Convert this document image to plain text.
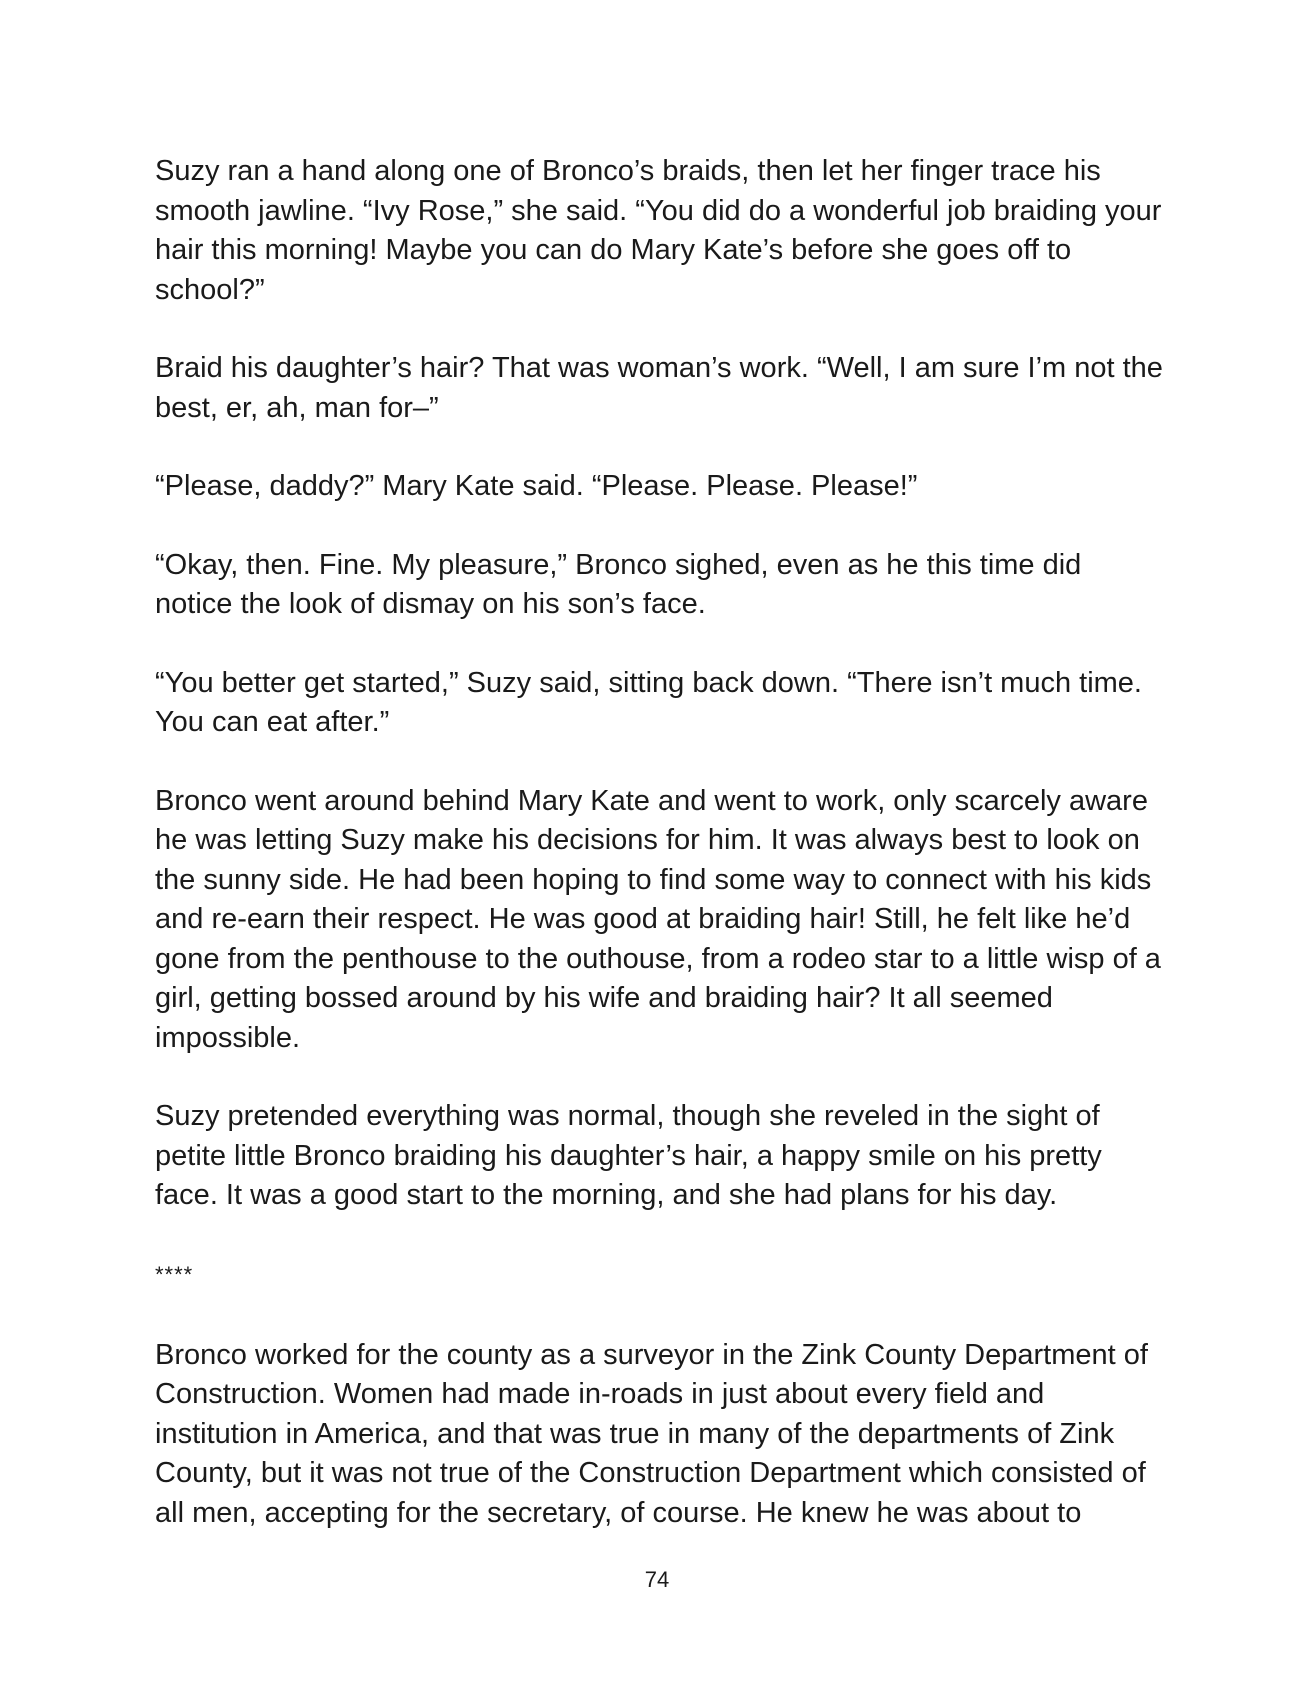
Suzy ran a hand along one of Bronco’s braids, then let her finger trace his smooth jawline. “Ivy Rose,” she said. “You did do a wonderful job braiding your hair this morning! Maybe you can do Mary Kate’s before she goes off to school?”

Braid his daughter’s hair? That was woman’s work. “Well, I am sure I’m not the best, er, ah, man for–”

“Please, daddy?” Mary Kate said. “Please. Please. Please!”

“Okay, then. Fine. My pleasure,” Bronco sighed, even as he this time did notice the look of dismay on his son’s face.

“You better get started,” Suzy said, sitting back down. “There isn’t much time. You can eat after.”

Bronco went around behind Mary Kate and went to work, only scarcely aware he was letting Suzy make his decisions for him. It was always best to look on the sunny side. He had been hoping to find some way to connect with his kids and re-earn their respect. He was good at braiding hair! Still, he felt like he’d gone from the penthouse to the outhouse, from a rodeo star to a little wisp of a girl, getting bossed around by his wife and braiding hair? It all seemed impossible.

Suzy pretended everything was normal, though she reveled in the sight of petite little Bronco braiding his daughter’s hair, a happy smile on his pretty face. It was a good start to the morning, and she had plans for his day.

****

Bronco worked for the county as a surveyor in the Zink County Department of Construction. Women had made in-roads in just about every field and institution in America, and that was true in many of the departments of Zink County, but it was not true of the Construction Department which consisted of all men, accepting for the secretary, of course. He knew he was about to

74
